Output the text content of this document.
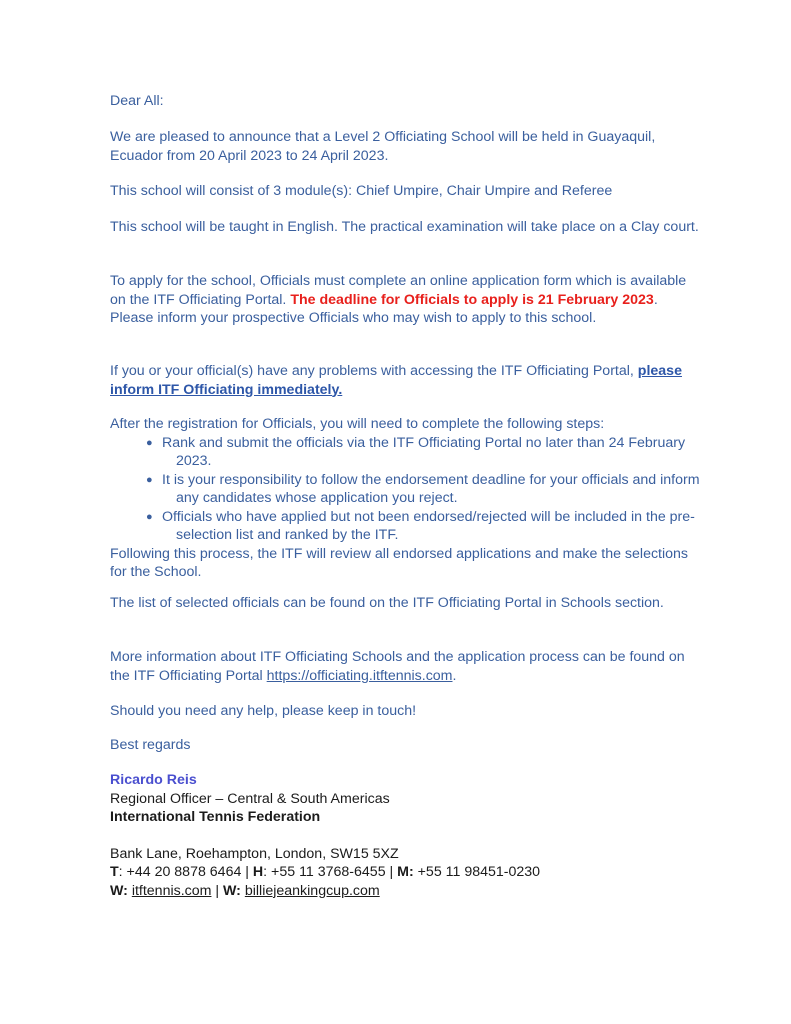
Dear All:

We are pleased to announce that a Level 2 Officiating School will be held in Guayaquil, Ecuador from 20 April 2023 to 24 April 2023.

This school will consist of 3 module(s): Chief Umpire, Chair Umpire and Referee

This school will be taught in English. The practical examination will take place on a Clay court.

To apply for the school, Officials must complete an online application form which is available on the ITF Officiating Portal. The deadline for Officials to apply is 21 February 2023. Please inform your prospective Officials who may wish to apply to this school.

If you or your official(s) have any problems with accessing the ITF Officiating Portal, please inform ITF Officiating immediately.

After the registration for Officials, you will need to complete the following steps:
● Rank and submit the officials via the ITF Officiating Portal no later than 24 February 2023.
● It is your responsibility to follow the endorsement deadline for your officials and inform any candidates whose application you reject.
● Officials who have applied but not been endorsed/rejected will be included in the pre-selection list and ranked by the ITF.
Following this process, the ITF will review all endorsed applications and make the selections for the School.

The list of selected officials can be found on the ITF Officiating Portal in Schools section.

More information about ITF Officiating Schools and the application process can be found on the ITF Officiating Portal https://officiating.itftennis.com.

Should you need any help, please keep in touch!

Best regards

Ricardo Reis
Regional Officer – Central & South Americas
International Tennis Federation
Bank Lane, Roehampton, London, SW15 5XZ
T: +44 20 8878 6464 | H: +55 11 3768-6455 | M: +55 11 98451-0230
W: itftennis.com | W: billiejeankingcup.com
